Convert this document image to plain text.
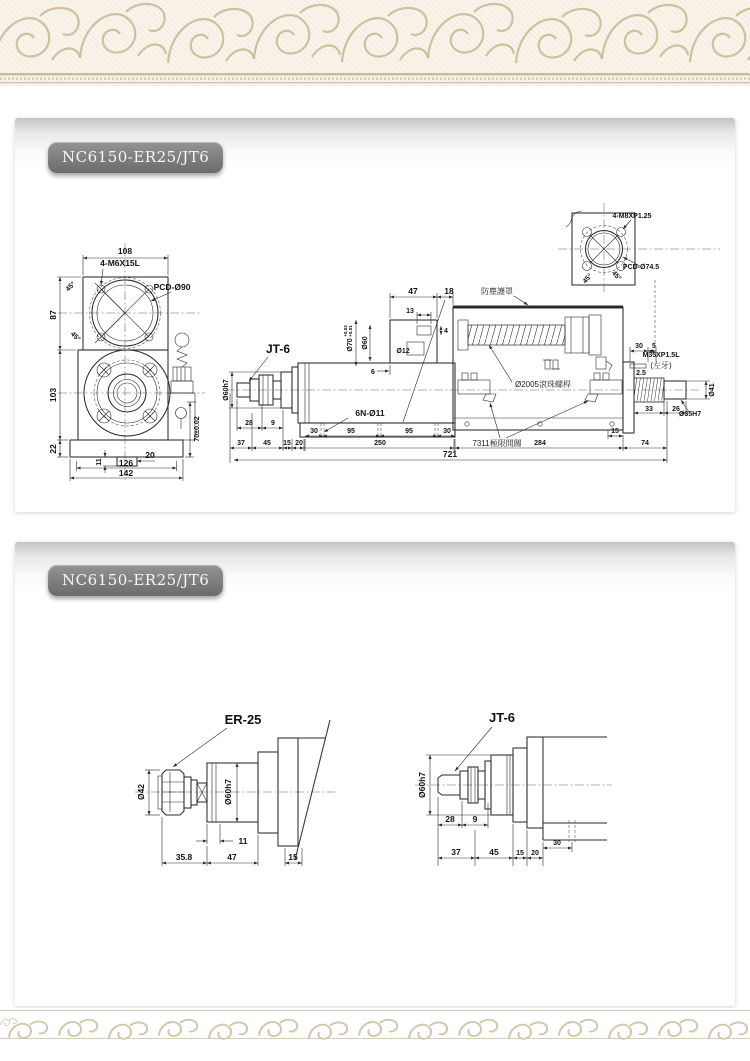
NC6150-ER25/JT6
NC6150-ER25/JT6
108
4-M6X15L
PCD-Ø90
45°
45°
87
103
22
142
126
20
11
70±0.02
JT-6
Ø60h7
6N-Ø11
防塵護罩
Ø2005滾珠螺桿
7311極限開關
47	18
13
4
Ø12
Ø60
Ø70
+0.03 +0.01
6
30 5
2.5
M35XP1.5L
(左牙)
Ø41
Ø35H7
33	26
28	9
30	95	95	30
37	45 15 20	250	284	74
15
721
4-M8XP1.25
PCD-Ø74.5
45° 45°
ER-25
Ø42	Ø60h7
11
35.8	47	15
JT-6
Ø60h7
28 9
37	45 15 20
30
